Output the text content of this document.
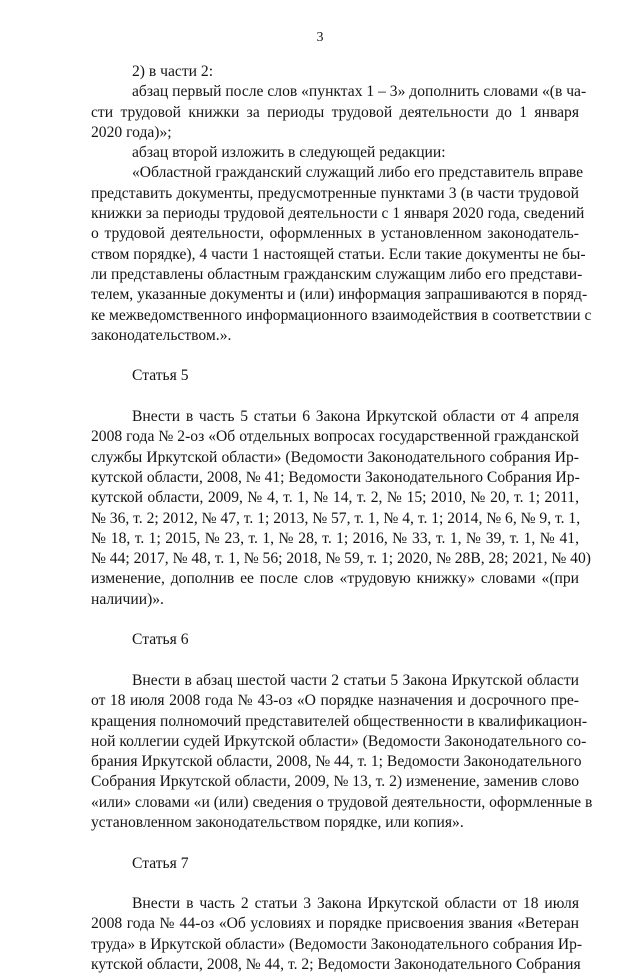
3
2) в части 2:
абзац первый после слов «пунктах 1 – 3» дополнить словами «(в ча-
сти трудовой книжки за периоды трудовой деятельности до 1 января
2020 года)»;
абзац второй изложить в следующей редакции:
«Областной гражданский служащий либо его представитель вправе
представить документы, предусмотренные пунктами 3 (в части трудовой
книжки за периоды трудовой деятельности с 1 января 2020 года, сведений
о трудовой деятельности, оформленных в установленном законодатель-
ством порядке), 4 части 1 настоящей статьи. Если такие документы не бы-
ли представлены областным гражданским служащим либо его представи-
телем, указанные документы и (или) информация запрашиваются в поряд-
ке межведомственного информационного взаимодействия в соответствии с
законодательством.».
Статья 5
Внести в часть 5 статьи 6 Закона Иркутской области от 4 апреля
2008 года № 2-оз «Об отдельных вопросах государственной гражданской
службы Иркутской области» (Ведомости Законодательного собрания Ир-
кутской области, 2008, № 41; Ведомости Законодательного Собрания Ир-
кутской области, 2009, № 4, т. 1, № 14, т. 2, № 15; 2010, № 20, т. 1; 2011,
№ 36, т. 2; 2012, № 47, т. 1; 2013, № 57, т. 1, № 4, т. 1; 2014, № 6, № 9, т. 1,
№ 18, т. 1; 2015, № 23, т. 1, № 28, т. 1; 2016, № 33, т. 1, № 39, т. 1, № 41,
№ 44; 2017, № 48, т. 1, № 56; 2018, № 59, т. 1; 2020, № 28В, 28; 2021, № 40)
изменение, дополнив ее после слов «трудовую книжку» словами «(при
наличии)».
Статья 6
Внести в абзац шестой части 2 статьи 5 Закона Иркутской области
от 18 июля 2008 года № 43-оз «О порядке назначения и досрочного пре-
кращения полномочий представителей общественности в квалификацион-
ной коллегии судей Иркутской области» (Ведомости Законодательного со-
брания Иркутской области, 2008, № 44, т. 1; Ведомости Законодательного
Собрания Иркутской области, 2009, № 13, т. 2) изменение, заменив слово
«или» словами «и (или) сведения о трудовой деятельности, оформленные в
установленном законодательством порядке, или копия».
Статья 7
Внести в часть 2 статьи 3 Закона Иркутской области от 18 июля
2008 года № 44-оз «Об условиях и порядке присвоения звания «Ветеран
труда» в Иркутской области» (Ведомости Законодательного собрания Ир-
кутской области, 2008, № 44, т. 2; Ведомости Законодательного Собрания
